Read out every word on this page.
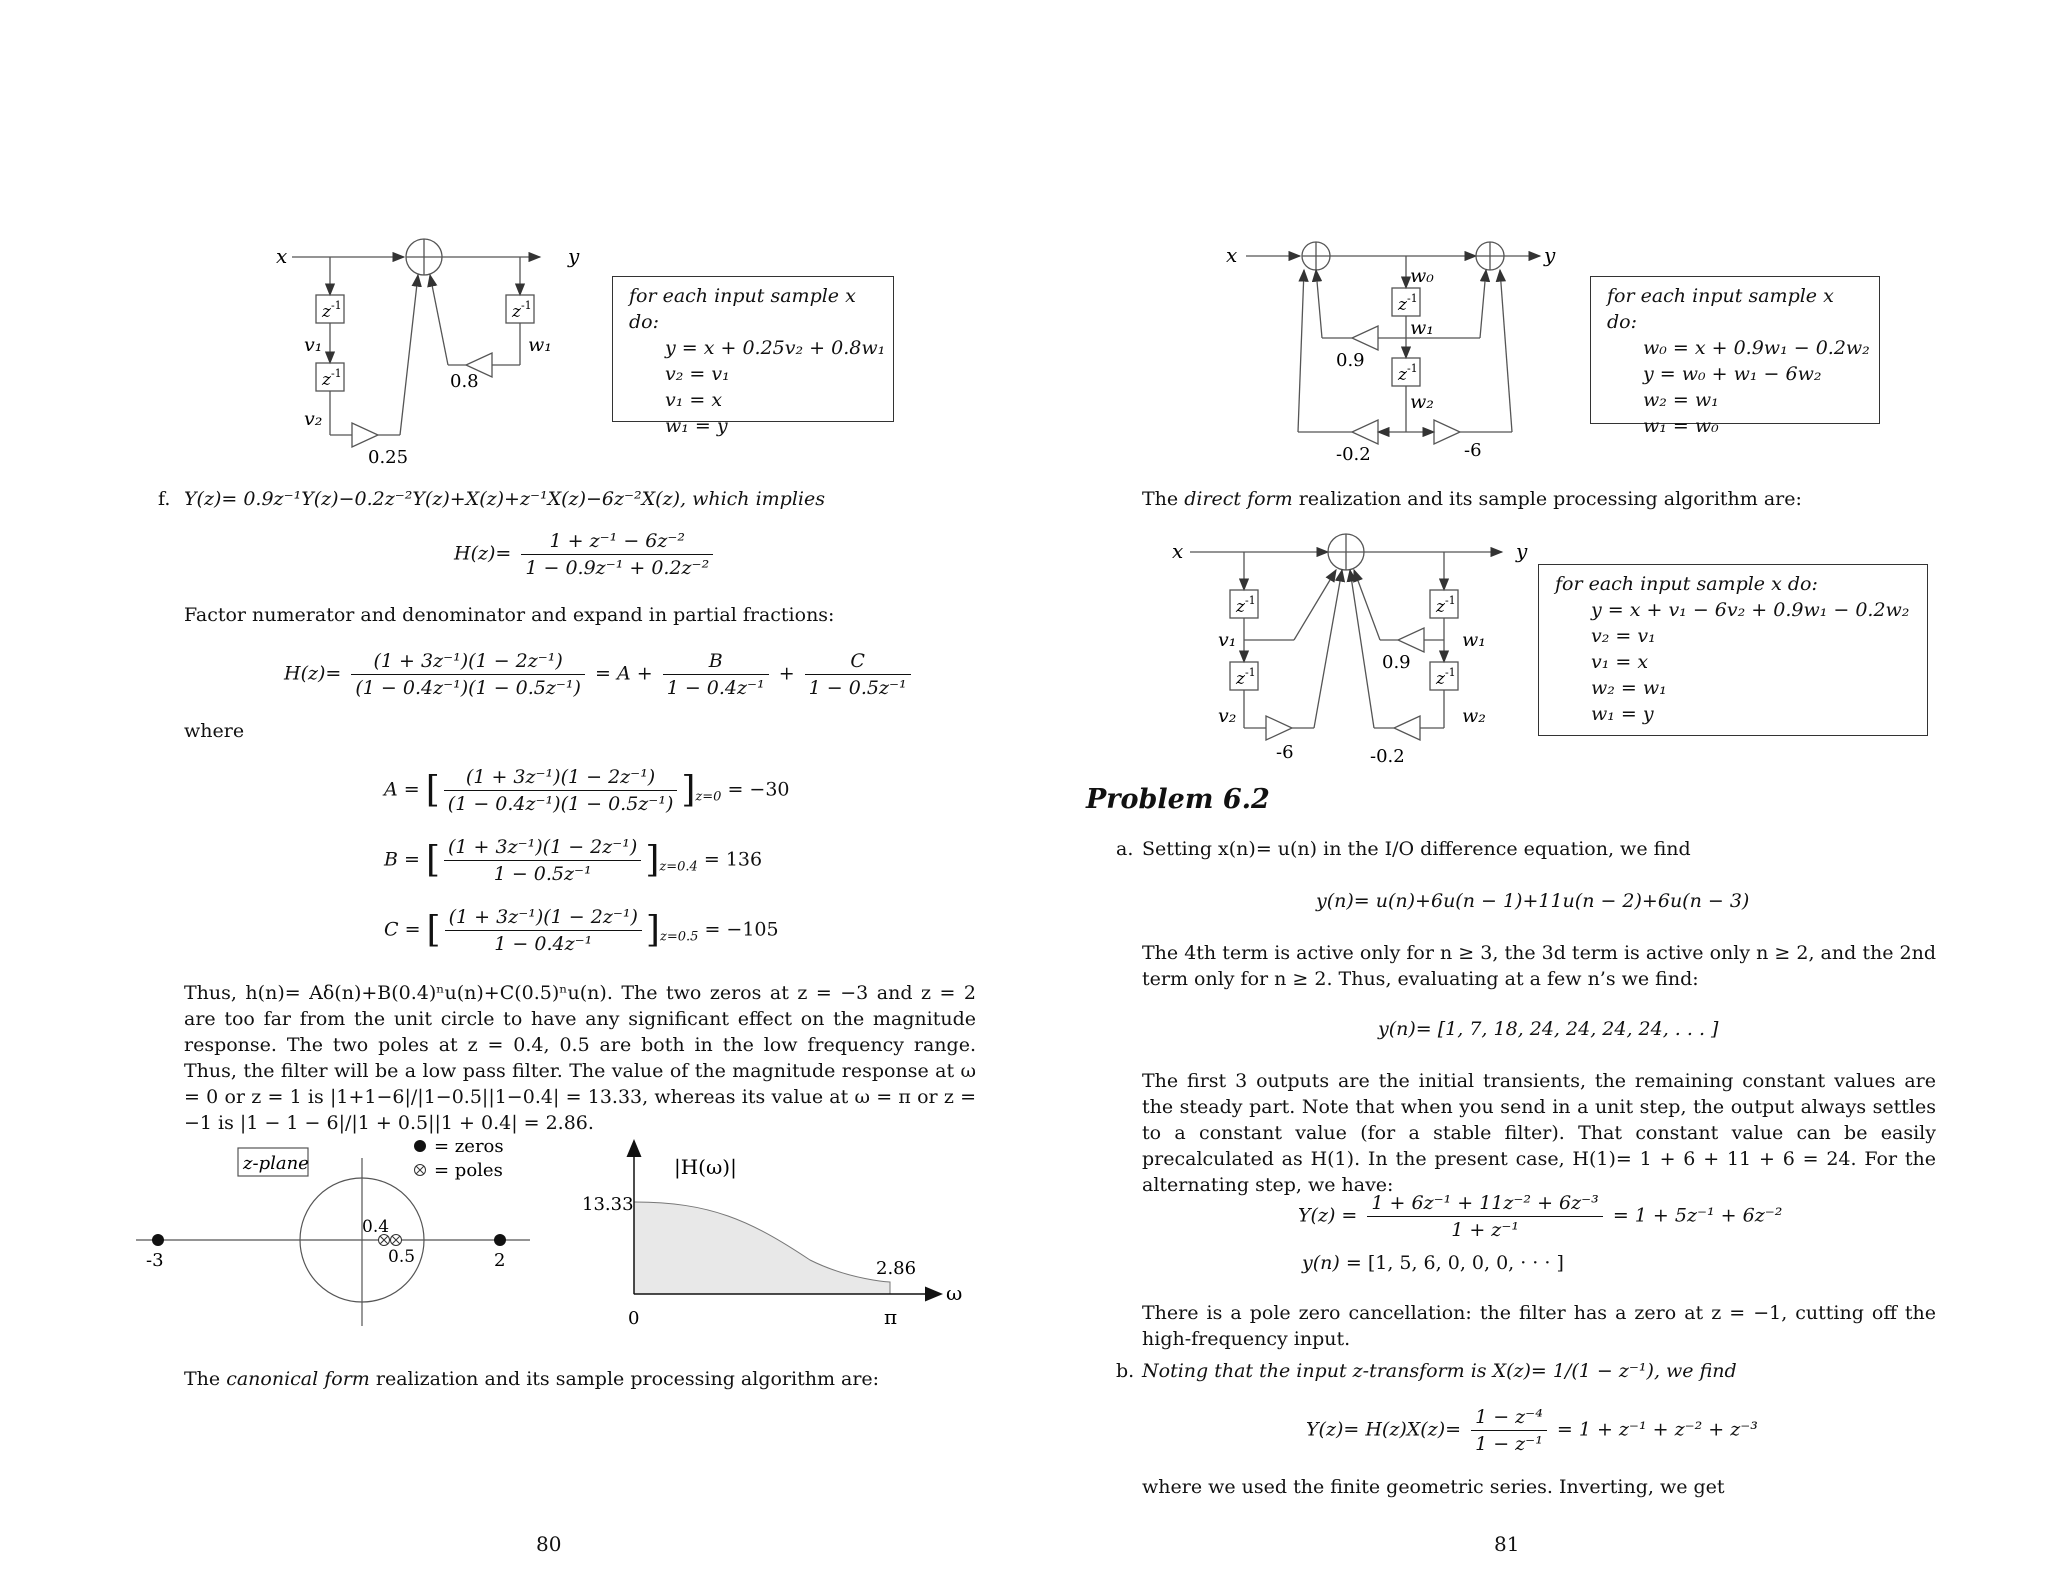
x	y
$z^{-1}$
$z^{-1}$
$z^{-1}$
v₁
v₂
w₁
0.8
0.25
for each input sample x do:
y = x + 0.25v₂ + 0.8w₁
v₂ = v₁
v₁ = x
w₁ = y
f. Y(z)= 0.9z⁻¹Y(z)−0.2z⁻²Y(z)+X(z)+z⁻¹X(z)−6z⁻²X(z), which implies
$H(z)= \frac{\text{1 + z⁻¹ − 6z⁻²}}{\text{1 − 0.9z⁻¹ + 0.2z⁻²}}$
Factor numerator and denominator and expand in partial fractions:
$H(z)= \frac{\text{(1 + 3z⁻¹)(1 − 2z⁻¹)}}{\text{(1 − 0.4z⁻¹)(1 − 0.5z⁻¹)}} = A + \frac{B}{\text{1 − 0.4z⁻¹}} + \frac{C}{\text{1 − 0.5z⁻¹}}$
where
A = [ $\frac{\text{(1 + 3z⁻¹)(1 − 2z⁻¹)}}{\text{(1 − 0.4z⁻¹)(1 − 0.5z⁻¹)}} ]_{z=0} = -30$
B = [ $\frac{\text{(1 + 3z⁻¹)(1 − 2z⁻¹)}}{\text{1 − 0.5z⁻¹}} ]_{z=0.4} = 136$
C = [ $\frac{\text{(1 + 3z⁻¹)(1 − 2z⁻¹)}}{\text{1 − 0.4z⁻¹}} ]_{z=0.5} = -105$
Thus, h(n)= Aδ(n)+B(0.4)ⁿu(n)+C(0.5)ⁿu(n). The two zeros at z = −3 and z = 2 are too far from the unit circle to have any significant effect on the magnitude response. The two poles at z = 0.4, 0.5 are both in the low frequency range. Thus, the filter will be a low pass filter. The value of the magnitude response at ω = 0 or z = 1 is |1+1−6|/|1−0.5||1−0.4| = 13.33, whereas its value at ω = π or z = −1 is |1 − 1 − 6|/|1 + 0.5||1 + 0.4| = 2.86.
z-plane
= zeros
= poles
-3	2
0.4
0.5
|H(ω)|
13.33
2.86
0	π
ω
The canonical form realization and its sample processing algorithm are:
80
x	y
w₀
w₁
w₂
$z^{-1}$
$z^{-1}$
0.9
-0.2	-6
for each input sample x do:
w₀ = x + 0.9w₁ − 0.2w₂
y = w₀ + w₁ − 6w₂
w₂ = w₁
w₁ = w₀
The direct form realization and its sample processing algorithm are:
x	y
$z^{-1}$
$z^{-1}$
$z^{-1}$
$z^{-1}$
v₁
v₂
w₁
w₂
0.9
-6	-0.2
for each input sample x do:
y = x + v₁ − 6v₂ + 0.9w₁ − 0.2w₂
v₂ = v₁
v₁ = x
w₂ = w₁
w₁ = y
Problem 6.2
a. Setting x(n)= u(n) in the I/O difference equation, we find
y(n)= u(n)+6u(n − 1)+11u(n − 2)+6u(n − 3)
The 4th term is active only for n ≥ 3, the 3d term is active only n ≥ 2, and the 2nd term only for n ≥ 2. Thus, evaluating at a few n’s we find:
y(n)= [1, 7, 18, 24, 24, 24, 24, . . . ]
The first 3 outputs are the initial transients, the remaining constant values are the steady part. Note that when you send in a unit step, the output always settles to a constant value (for a stable filter). That constant value can be easily precalculated as H(1). In the present case, H(1)= 1 + 6 + 11 + 6 = 24. For the alternating step, we have:
$Y(z) = \frac{\text{1 + 6z⁻¹ + 11z⁻² + 6z⁻³}}{\text{1 + z⁻¹}} = 1 + 5z^{-1} + 6z^{-2}$
y(n) = [1, 5, 6, 0, 0, 0, · · · ]
There is a pole zero cancellation: the filter has a zero at z = −1, cutting off the high-frequency input.
b. Noting that the input z-transform is X(z)= 1/(1 − z⁻¹), we find
$Y(z)= H(z)X(z)= \frac{\text{1 − z⁻⁴}}{\text{1 − z⁻¹}} = 1 + z^{-1} + z^{-2} + z^{-3}$
where we used the finite geometric series. Inverting, we get
81
